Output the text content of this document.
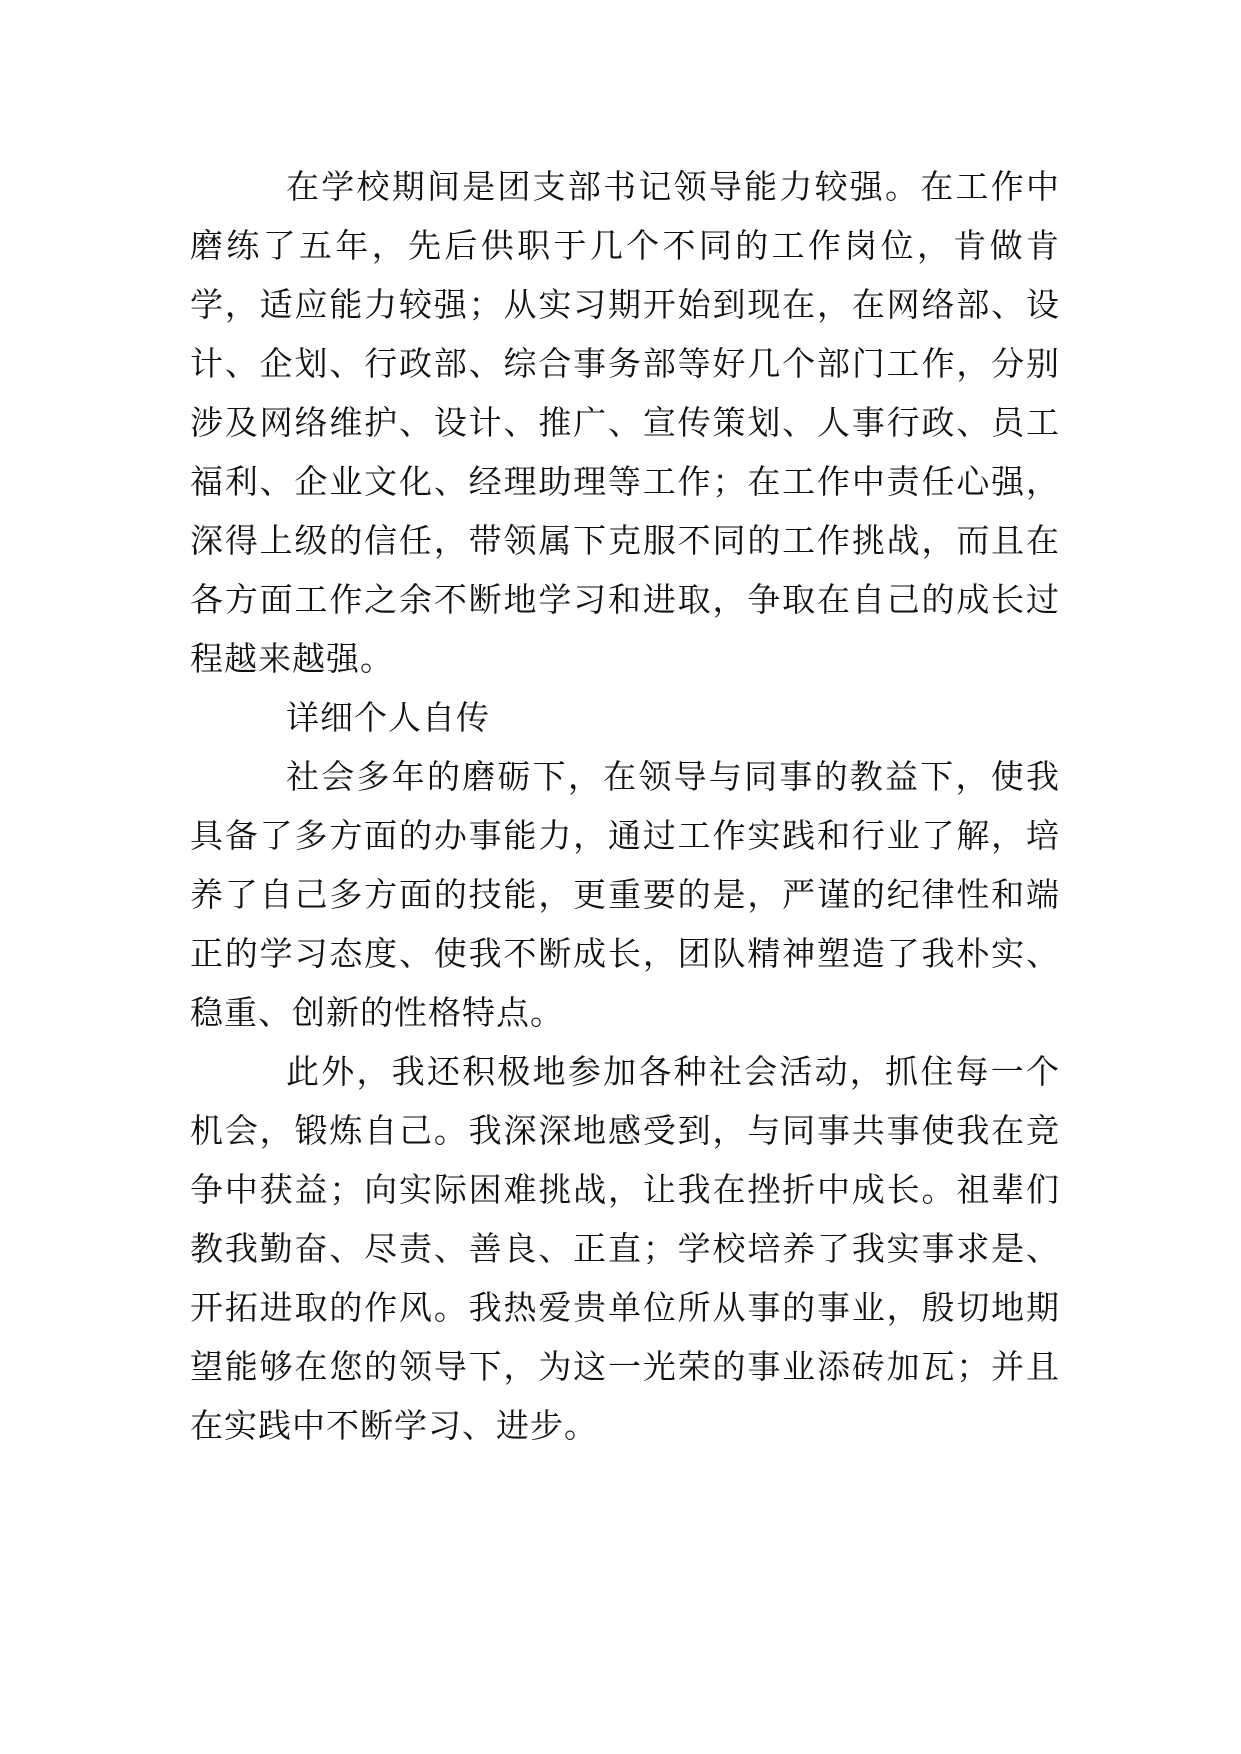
在学校期间是团支部书记领导能力较强。在工作中磨练了五年，先后供职于几个不同的工作岗位，肯做肯学，适应能力较强；从实习期开始到现在，在网络部、设计、企划、行政部、综合事务部等好几个部门工作，分别涉及网络维护、设计、推广、宣传策划、人事行政、员工福利、企业文化、经理助理等工作；在工作中责任心强，深得上级的信任，带领属下克服不同的工作挑战，而且在各方面工作之余不断地学习和进取，争取在自己的成长过程越来越强。

详细个人自传

社会多年的磨砺下，在领导与同事的教益下，使我具备了多方面的办事能力，通过工作实践和行业了解，培养了自己多方面的技能，更重要的是，严谨的纪律性和端正的学习态度、使我不断成长，团队精神塑造了我朴实、稳重、创新的性格特点。

此外，我还积极地参加各种社会活动，抓住每一个机会，锻炼自己。我深深地感受到，与同事共事使我在竞争中获益；向实际困难挑战，让我在挫折中成长。祖辈们教我勤奋、尽责、善良、正直；学校培养了我实事求是、开拓进取的作风。我热爱贵单位所从事的事业，殷切地期望能够在您的领导下，为这一光荣的事业添砖加瓦；并且在实践中不断学习、进步。
